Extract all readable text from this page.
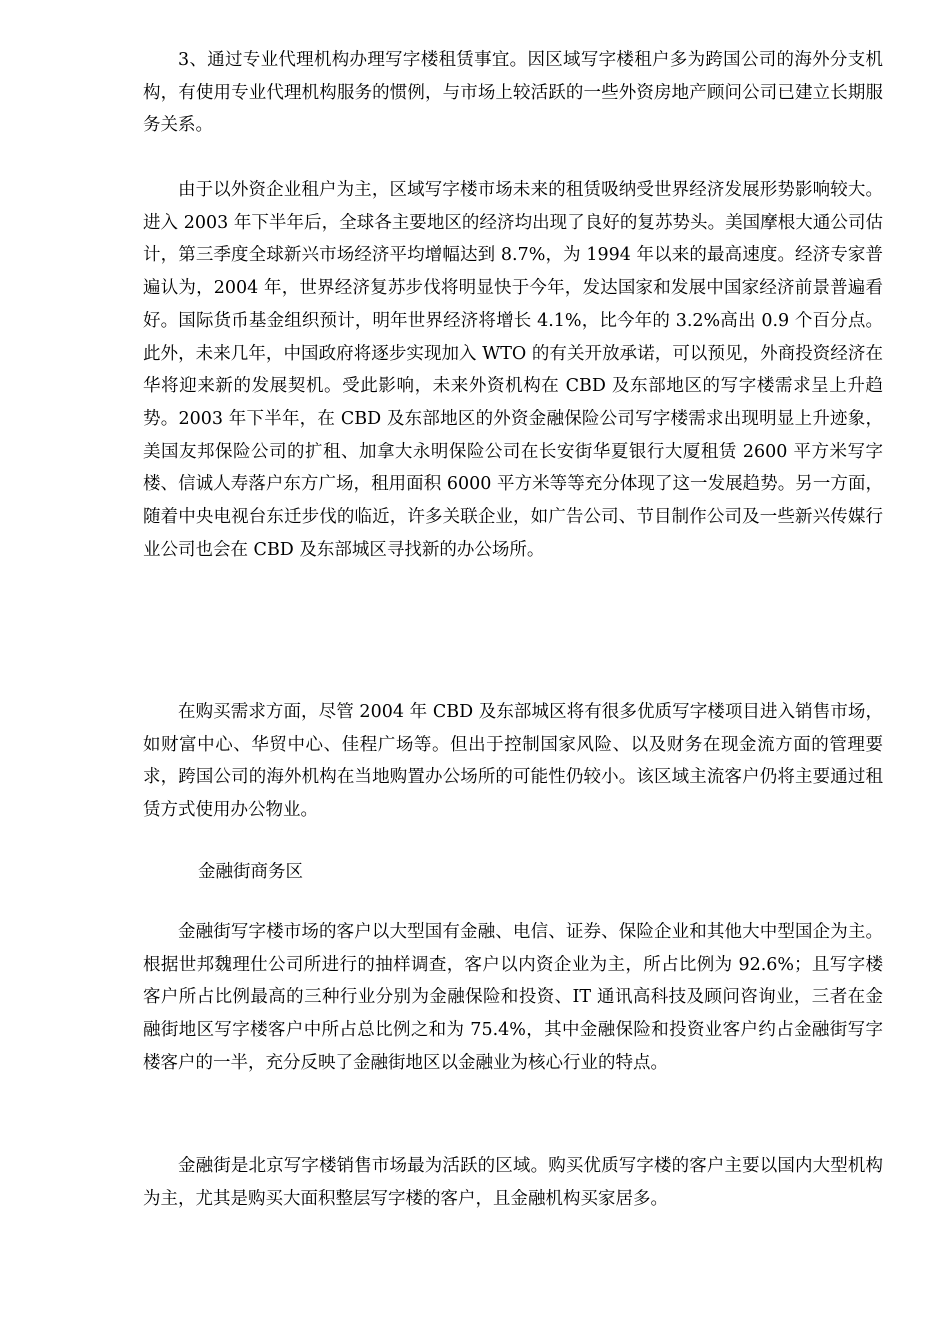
3、通过专业代理机构办理写字楼租赁事宜。因区域写字楼租户多为跨国公司的海外分支机构，有使用专业代理机构服务的惯例，与市场上较活跃的一些外资房地产顾问公司已建立长期服务关系。

由于以外资企业租户为主，区域写字楼市场未来的租赁吸纳受世界经济发展形势影响较大。进入 2003 年下半年后，全球各主要地区的经济均出现了良好的复苏势头。美国摩根大通公司估计，第三季度全球新兴市场经济平均增幅达到 8.7%，为 1994 年以来的最高速度。经济专家普遍认为，2004 年，世界经济复苏步伐将明显快于今年，发达国家和发展中国家经济前景普遍看好。国际货币基金组织预计，明年世界经济将增长 4.1%，比今年的 3.2%高出 0.9 个百分点。此外，未来几年，中国政府将逐步实现加入 WTO 的有关开放承诺，可以预见，外商投资经济在华将迎来新的发展契机。受此影响，未来外资机构在 CBD 及东部地区的写字楼需求呈上升趋势。2003 年下半年，在 CBD 及东部地区的外资金融保险公司写字楼需求出现明显上升迹象，美国友邦保险公司的扩租、加拿大永明保险公司在长安街华夏银行大厦租赁 2600 平方米写字楼、信诚人寿落户东方广场，租用面积 6000 平方米等等充分体现了这一发展趋势。另一方面，随着中央电视台东迁步伐的临近，许多关联企业，如广告公司、节目制作公司及一些新兴传媒行业公司也会在 CBD 及东部城区寻找新的办公场所。

在购买需求方面，尽管 2004 年 CBD 及东部城区将有很多优质写字楼项目进入销售市场，如财富中心、华贸中心、佳程广场等。但出于控制国家风险、以及财务在现金流方面的管理要求，跨国公司的海外机构在当地购置办公场所的可能性仍较小。该区域主流客户仍将主要通过租赁方式使用办公物业。

金融街商务区

金融街写字楼市场的客户以大型国有金融、电信、证券、保险企业和其他大中型国企为主。根据世邦魏理仕公司所进行的抽样调查，客户以内资企业为主，所占比例为 92.6%；且写字楼客户所占比例最高的三种行业分别为金融保险和投资、IT 通讯高科技及顾问咨询业，三者在金融街地区写字楼客户中所占总比例之和为 75.4%，其中金融保险和投资业客户约占金融街写字楼客户的一半，充分反映了金融街地区以金融业为核心行业的特点。

金融街是北京写字楼销售市场最为活跃的区域。购买优质写字楼的客户主要以国内大型机构为主，尤其是购买大面积整层写字楼的客户，且金融机构买家居多。
